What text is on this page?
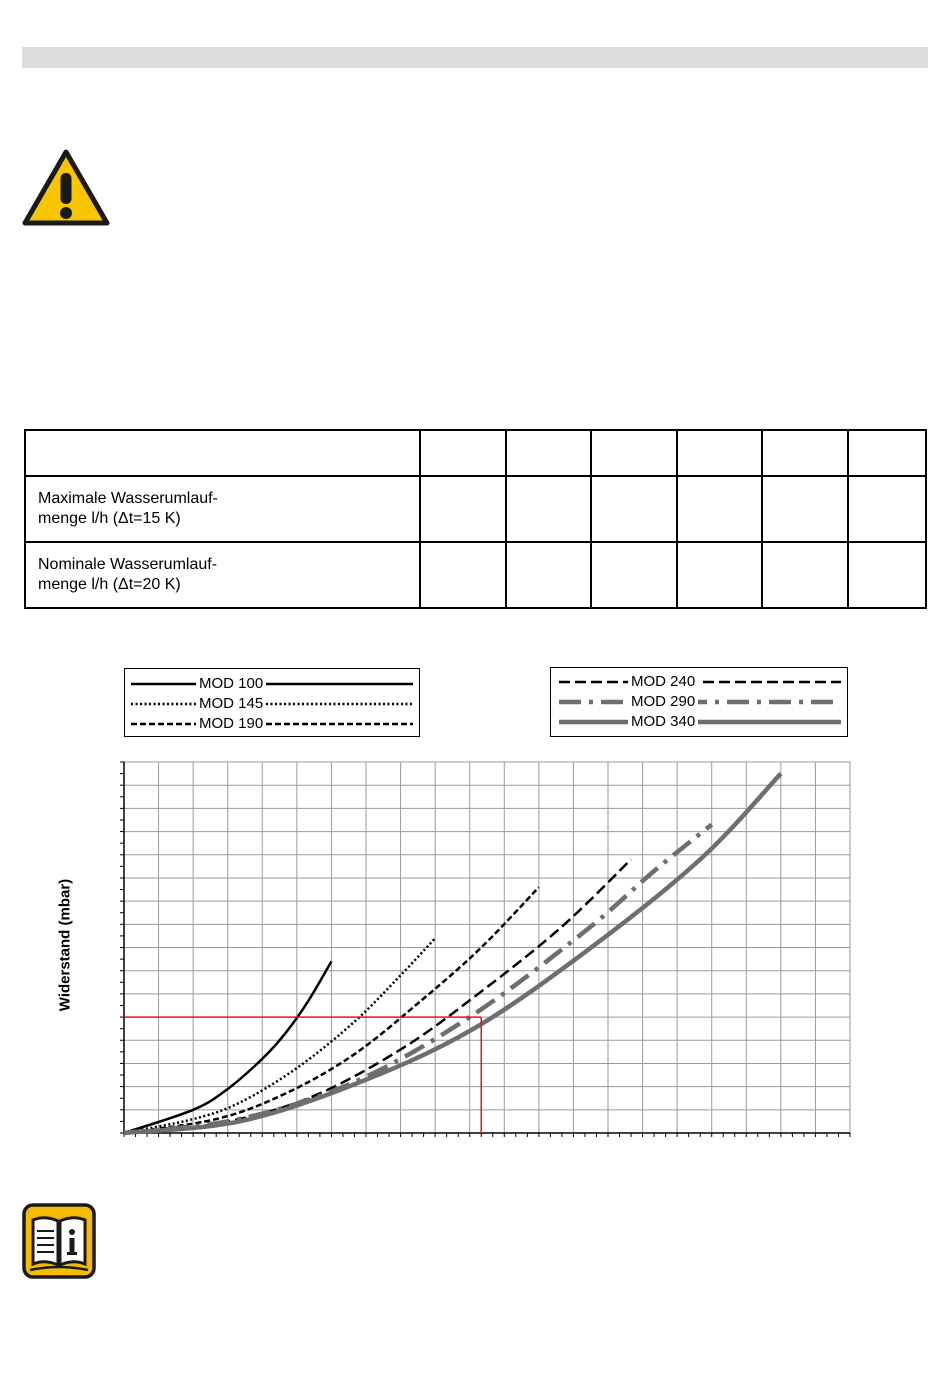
Maximale Wasserumlauf-
menge l/h (Δt=15 K)						

Nominale Wasserumlauf-
menge l/h (Δt=20 K)						

MOD 100
MOD 145
MOD 190
MOD 240
MOD 290
MOD 340
Widerstand (mbar)
